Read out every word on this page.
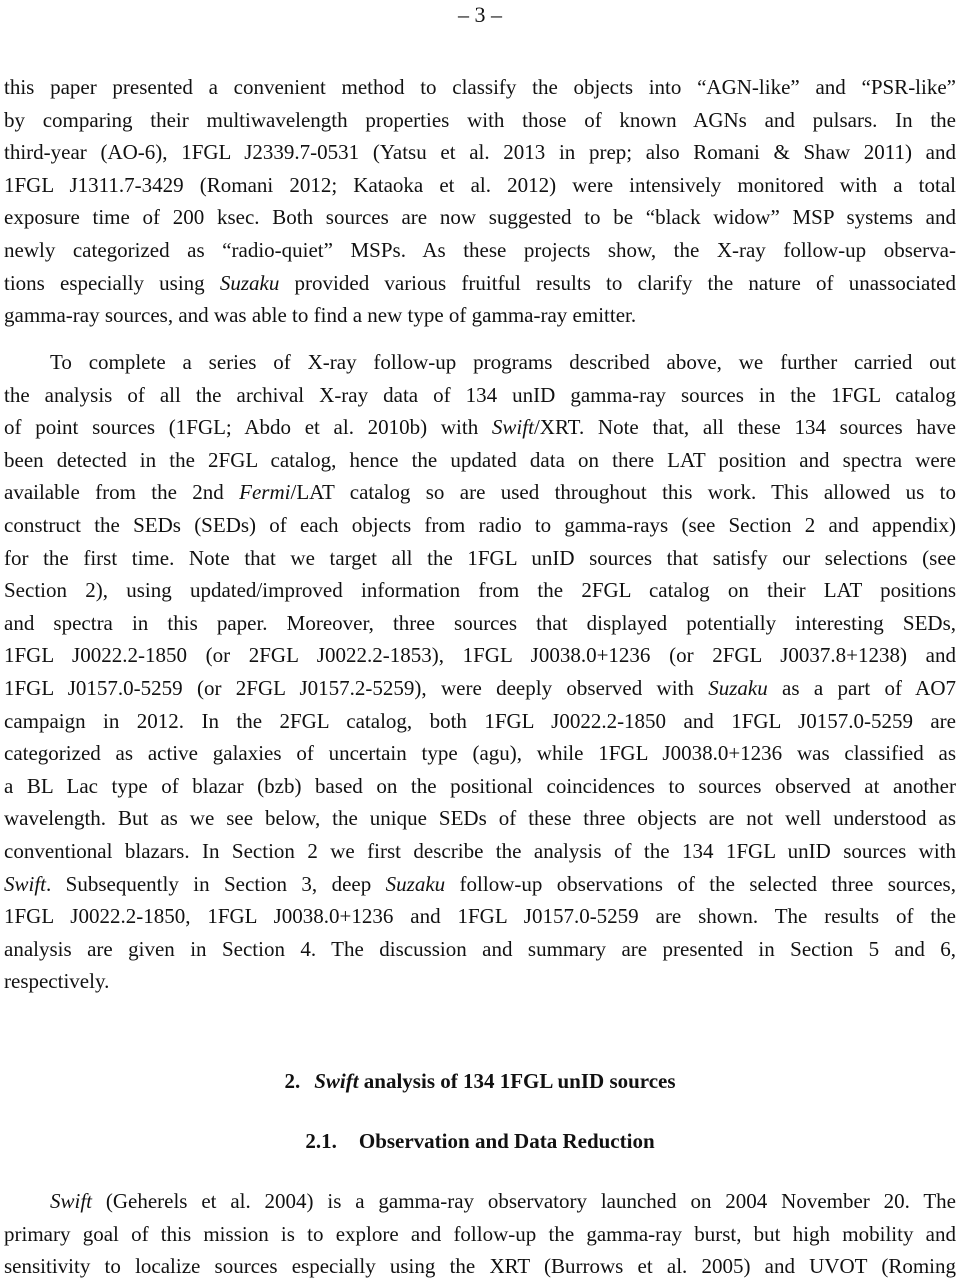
– 3 –
this paper presented a convenient method to classify the objects into “AGN-like” and “PSR-like”
by comparing their multiwavelength properties with those of known AGNs and pulsars. In the
third-year (AO-6), 1FGL J2339.7-0531 (Yatsu et al. 2013 in prep; also Romani & Shaw 2011) and
1FGL J1311.7-3429 (Romani 2012; Kataoka et al. 2012) were intensively monitored with a total
exposure time of 200 ksec. Both sources are now suggested to be “black widow” MSP systems and
newly categorized as “radio-quiet” MSPs. As these projects show, the X-ray follow-up observa-
tions especially using Suzaku provided various fruitful results to clarify the nature of unassociated
gamma-ray sources, and was able to find a new type of gamma-ray emitter.
To complete a series of X-ray follow-up programs described above, we further carried out
the analysis of all the archival X-ray data of 134 unID gamma-ray sources in the 1FGL catalog
of point sources (1FGL; Abdo et al. 2010b) with Swift/XRT. Note that, all these 134 sources have
been detected in the 2FGL catalog, hence the updated data on there LAT position and spectra were
available from the 2nd Fermi/LAT catalog so are used throughout this work. This allowed us to
construct the SEDs (SEDs) of each objects from radio to gamma-rays (see Section 2 and appendix)
for the first time. Note that we target all the 1FGL unID sources that satisfy our selections (see
Section 2), using updated/improved information from the 2FGL catalog on their LAT positions
and spectra in this paper. Moreover, three sources that displayed potentially interesting SEDs,
1FGL J0022.2-1850 (or 2FGL J0022.2-1853), 1FGL J0038.0+1236 (or 2FGL J0037.8+1238) and
1FGL J0157.0-5259 (or 2FGL J0157.2-5259), were deeply observed with Suzaku as a part of AO7
campaign in 2012. In the 2FGL catalog, both 1FGL J0022.2-1850 and 1FGL J0157.0-5259 are
categorized as active galaxies of uncertain type (agu), while 1FGL J0038.0+1236 was classified as
a BL Lac type of blazar (bzb) based on the positional coincidences to sources observed at another
wavelength. But as we see below, the unique SEDs of these three objects are not well understood as
conventional blazars. In Section 2 we first describe the analysis of the 134 1FGL unID sources with
Swift. Subsequently in Section 3, deep Suzaku follow-up observations of the selected three sources,
1FGL J0022.2-1850, 1FGL J0038.0+1236 and 1FGL J0157.0-5259 are shown. The results of the
analysis are given in Section 4. The discussion and summary are presented in Section 5 and 6,
respectively.
2. Swift analysis of 134 1FGL unID sources
2.1. Observation and Data Reduction
Swift (Geherels et al. 2004) is a gamma-ray observatory launched on 2004 November 20. The
primary goal of this mission is to explore and follow-up the gamma-ray burst, but high mobility and
sensitivity to localize sources especially using the XRT (Burrows et al. 2005) and UVOT (Roming
